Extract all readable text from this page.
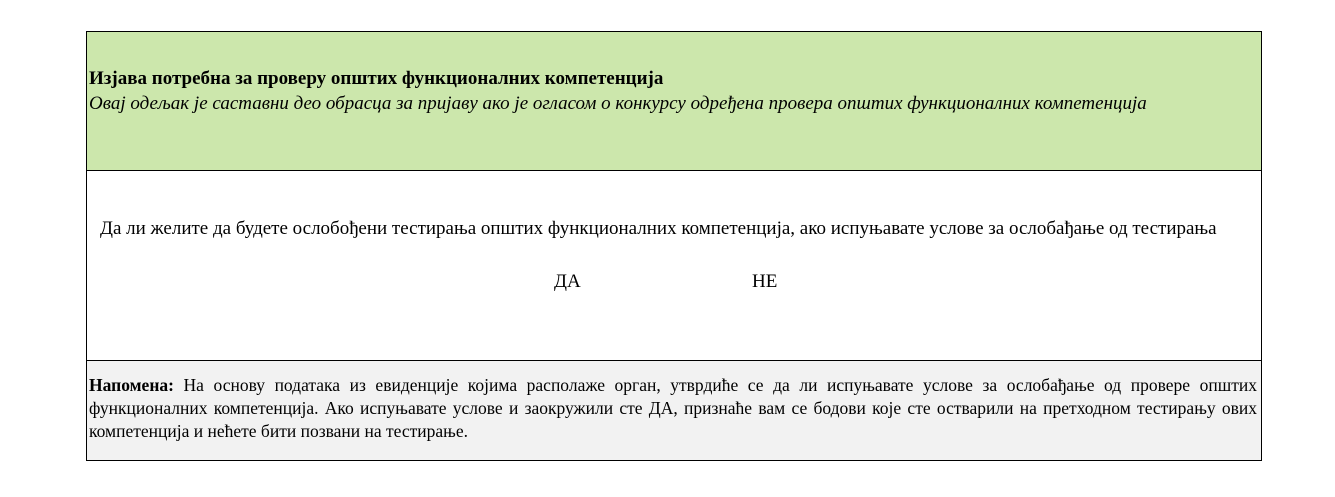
Изјава потребна за проверу општих функционалних компетенција
Овај одељак је саставни део обрасца за пријаву ако је огласом о конкурсу одређена провера општих функционалних компетенција
Да ли желите да будете ослобођени тестирања општих функционалних компетенција, ако испуњавате услове за ослобађање од тестирања
ДА	НЕ
Напомена: На основу података из евиденције којима располаже орган, утврдиће се да ли испуњавате услове за ослобађање од провере општих функционалних компетенција. Ако испуњавате услове и заокружили сте ДА, признаће вам се бодови које сте остварили на претходном тестирању ових компетенција и нећете бити позвани на тестирање.
